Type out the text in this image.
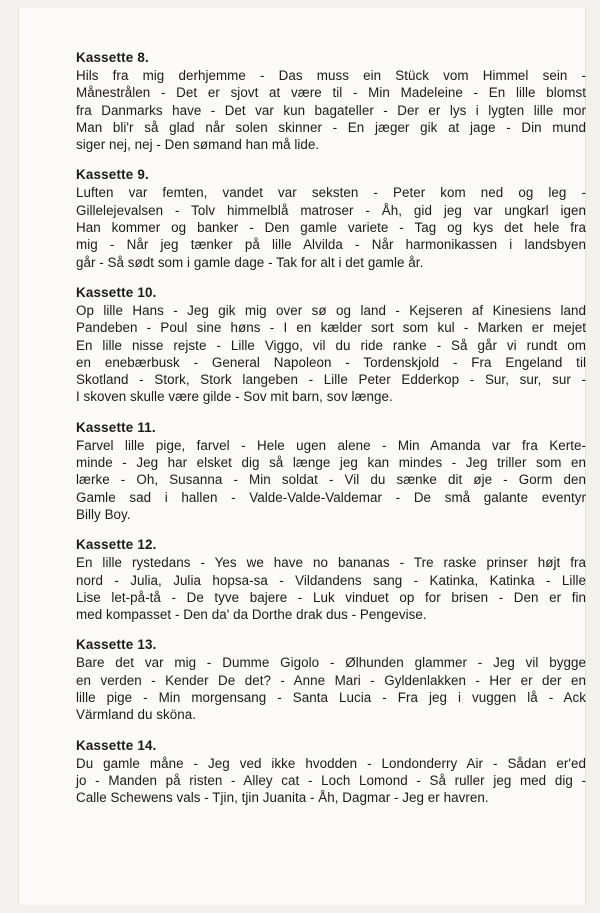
Kassette 8.
Hils fra mig derhjemme - Das muss ein Stück vom Himmel sein -
Månestrålen - Det er sjovt at være til - Min Madeleine - En lille blomst
fra Danmarks have - Det var kun bagateller - Der er lys i lygten lille mor
Man bli'r så glad når solen skinner - En jæger gik at jage - Din mund
siger nej, nej - Den sømand han må lide.
Kassette 9.
Luften var femten, vandet var seksten - Peter kom ned og leg -
Gillelejevalsen - Tolv himmelblå matroser - Åh, gid jeg var ungkarl igen
Han kommer og banker - Den gamle variete - Tag og kys det hele fra
mig - Når jeg tænker på lille Alvilda - Når harmonikassen i landsbyen
går - Så sødt som i gamle dage - Tak for alt i det gamle år.
Kassette 10.
Op lille Hans - Jeg gik mig over sø og land - Kejseren af Kinesiens land
Pandeben - Poul sine høns - I en kælder sort som kul - Marken er mejet
En lille nisse rejste - Lille Viggo, vil du ride ranke - Så går vi rundt om
en enebærbusk - General Napoleon - Tordenskjold - Fra Engeland til
Skotland - Stork, Stork langeben - Lille Peter Edderkop - Sur, sur, sur -
I skoven skulle være gilde - Sov mit barn, sov længe.
Kassette 11.
Farvel lille pige, farvel - Hele ugen alene - Min Amanda var fra Kerte-
minde - Jeg har elsket dig så længe jeg kan mindes - Jeg triller som en
lærke - Oh, Susanna - Min soldat - Vil du sænke dit øje - Gorm den
Gamle sad i hallen - Valde-Valde-Valdemar - De små galante eventyr
Billy Boy.
Kassette 12.
En lille rystedans - Yes we have no bananas - Tre raske prinser højt fra
nord - Julia, Julia hopsa-sa - Vildandens sang - Katinka, Katinka - Lille
Lise let-på-tå - De tyve bajere - Luk vinduet op for brisen - Den er fin
med kompasset - Den da' da Dorthe drak dus - Pengevise.
Kassette 13.
Bare det var mig - Dumme Gigolo - Ølhunden glammer - Jeg vil bygge
en verden - Kender De det? - Anne Mari - Gyldenlakken - Her er der en
lille pige - Min morgensang - Santa Lucia - Fra jeg i vuggen lå - Ack
Värmland du sköna.
Kassette 14.
Du gamle måne - Jeg ved ikke hvodden - Londonderry Air - Sådan er'ed
jo - Manden på risten - Alley cat - Loch Lomond - Så ruller jeg med dig -
Calle Schewens vals - Tjin, tjin Juanita - Åh, Dagmar - Jeg er havren.
